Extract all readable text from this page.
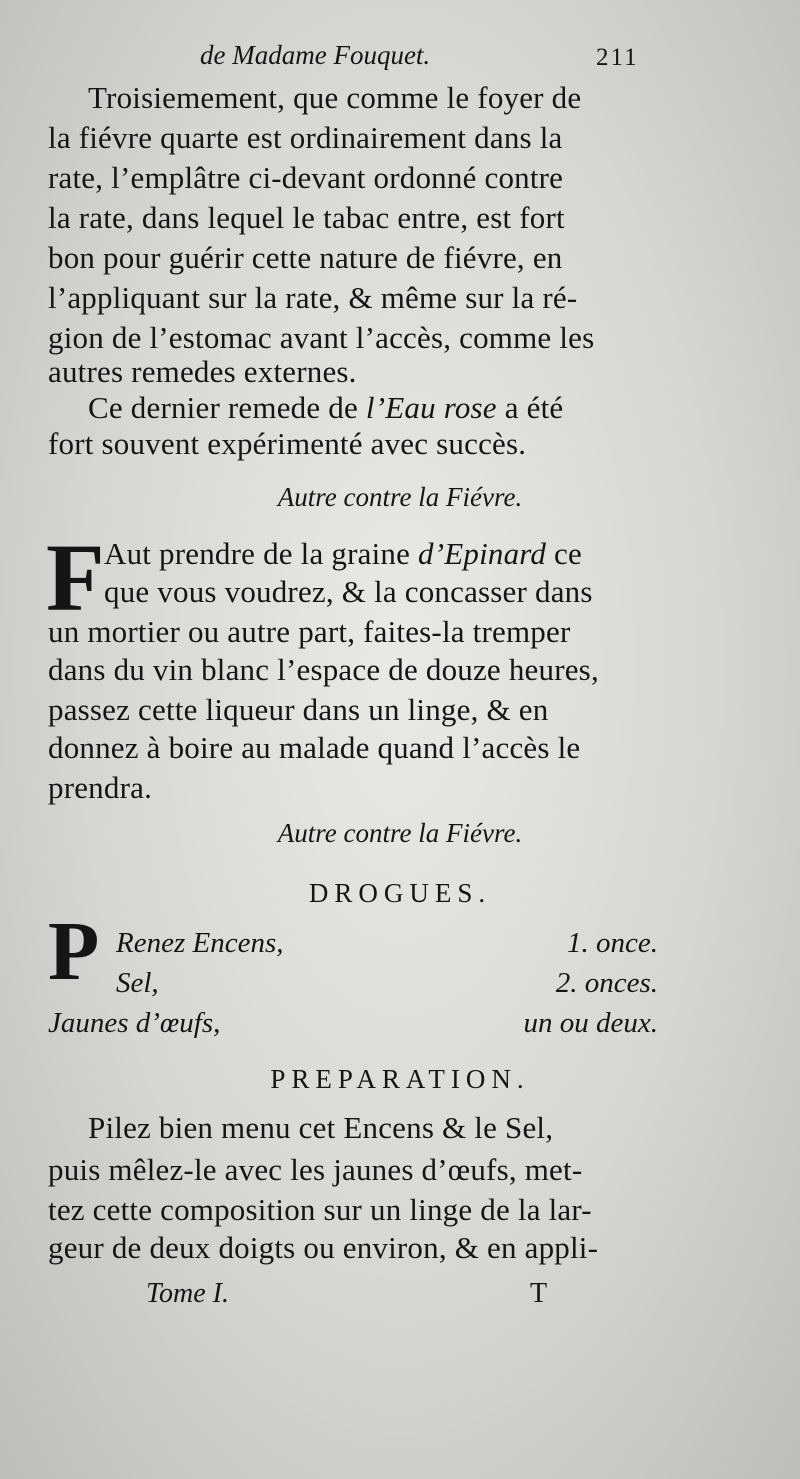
de Madame Fouquet.	211
Troisiemement, que comme le foyer de
la fiévre quarte est ordinairement dans la
rate, l’emplâtre ci-devant ordonné contre
la rate, dans lequel le tabac entre, est fort
bon pour guérir cette nature de fiévre, en
l’appliquant sur la rate, & même sur la ré-
gion de l’estomac avant l’accès, comme les
autres remedes externes.
Ce dernier remede de l’Eau rose a été
fort souvent expérimenté avec succès.
Autre contre la Fiévre.
F Aut prendre de la graine d’Epinard ce
que vous voudrez, & la concasser dans
un mortier ou autre part, faites-la tremper
dans du vin blanc l’espace de douze heures,
passez cette liqueur dans un linge, & en
donnez à boire au malade quand l’accès le
prendra.
Autre contre la Fiévre.
DROGUES.
P Renez Encens,	1. once.
Sel,	2. onces.
Jaunes d’œufs,	un ou deux.
PREPARATION.
Pilez bien menu cet Encens & le Sel,
puis mêlez-le avec les jaunes d’œufs, met-
tez cette composition sur un linge de la lar-
geur de deux doigts ou environ, & en appli-
Tome I.	T
